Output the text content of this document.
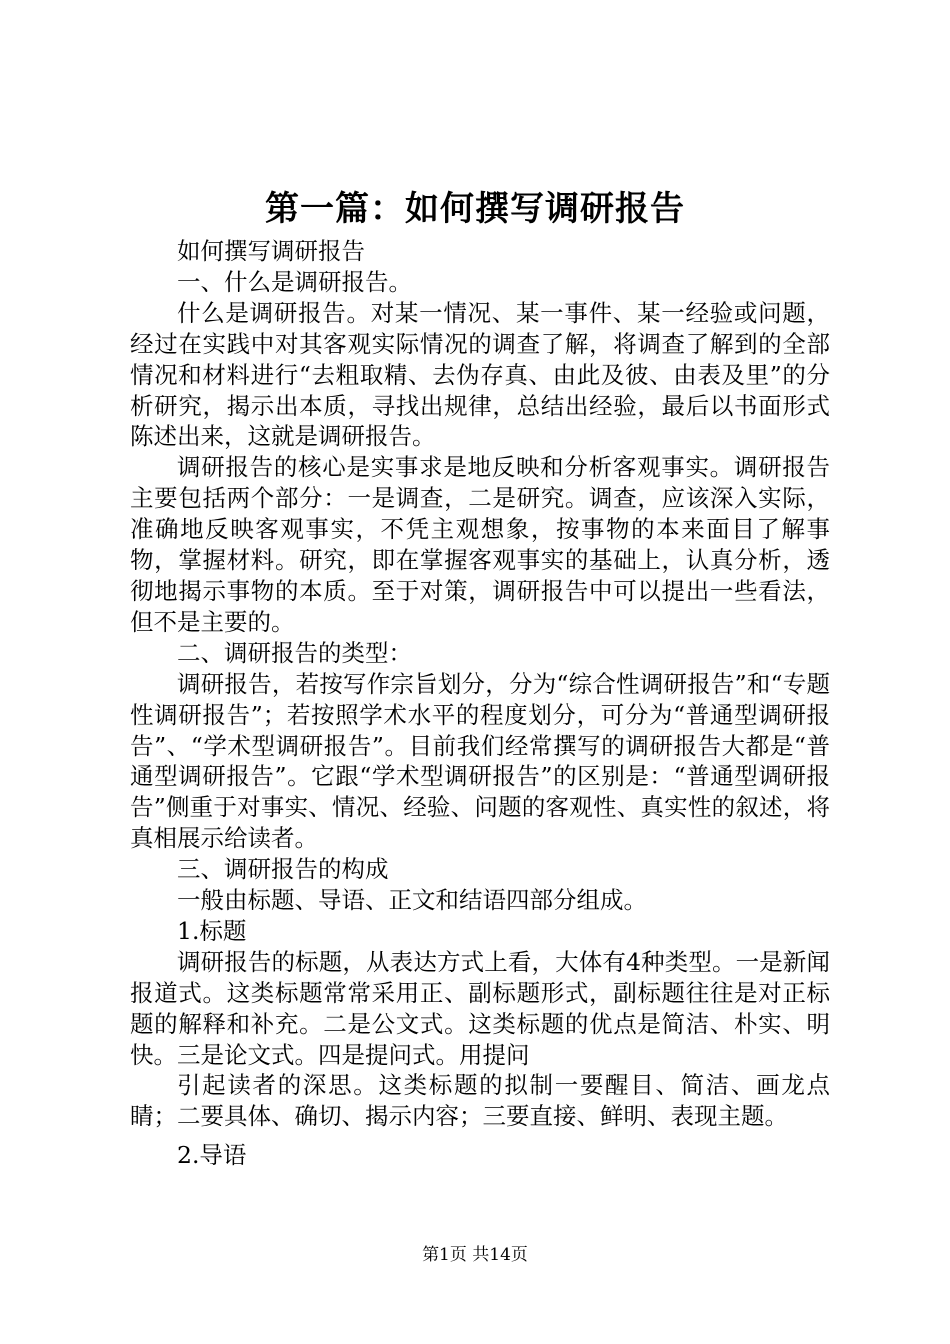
第一篇：如何撰写调研报告

如何撰写调研报告

一、什么是调研报告。

什么是调研报告。对某一情况、某一事件、某一经验或问题，经过在实践中对其客观实际情况的调查了解，将调查了解到的全部情况和材料进行“去粗取精、去伪存真、由此及彼、由表及里”的分析研究，揭示出本质，寻找出规律，总结出经验，最后以书面形式陈述出来，这就是调研报告。

调研报告的核心是实事求是地反映和分析客观事实。调研报告主要包括两个部分：一是调查，二是研究。调查，应该深入实际，准确地反映客观事实，不凭主观想象，按事物的本来面目了解事物，掌握材料。研究，即在掌握客观事实的基础上，认真分析，透彻地揭示事物的本质。至于对策，调研报告中可以提出一些看法，但不是主要的。

二、调研报告的类型：

调研报告，若按写作宗旨划分，分为“综合性调研报告”和“专题性调研报告”；若按照学术水平的程度划分，可分为“普通型调研报告”、“学术型调研报告”。目前我们经常撰写的调研报告大都是“普通型调研报告”。它跟“学术型调研报告”的区别是：“普通型调研报告”侧重于对事实、情况、经验、问题的客观性、真实性的叙述，将真相展示给读者。

三、调研报告的构成

一般由标题、导语、正文和结语四部分组成。

1.标题

调研报告的标题，从表达方式上看，大体有4种类型。一是新闻报道式。这类标题常常采用正、副标题形式，副标题往往是对正标题的解释和补充。二是公文式。这类标题的优点是简洁、朴实、明快。三是论文式。四是提问式。用提问

引起读者的深思。这类标题的拟制一要醒目、简洁、画龙点睛；二要具体、确切、揭示内容；三要直接、鲜明、表现主题。

2.导语

第1页 共14页
